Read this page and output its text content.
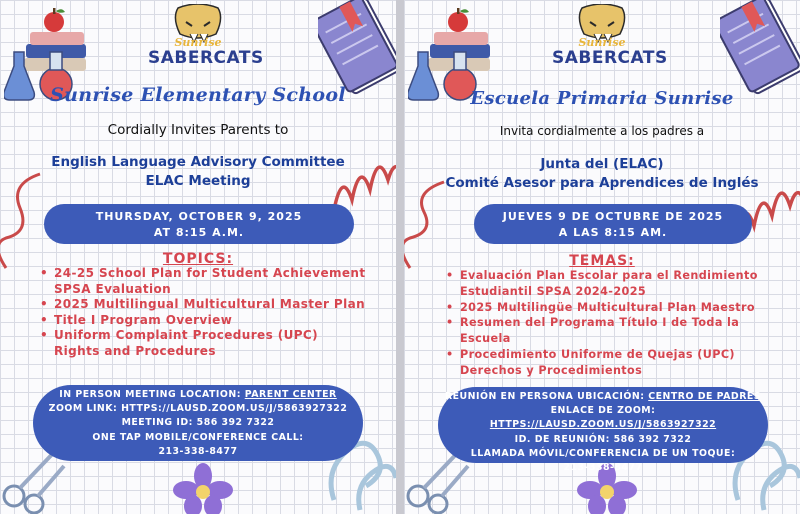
Sunrise
SABERCATS
Sunrise Elementary School
Cordially Invites Parents to
English Language Advisory Committee
ELAC Meeting
THURSDAY, OCTOBER 9, 2025
AT 8:15 A.M.
TOPICS:
• 24-25 School Plan for Student Achievement SPSA Evaluation
• 2025 Multilingual Multicultural Master Plan
• Title I Program Overview
• Uniform Complaint Procedures (UPC) Rights and Procedures
IN PERSON MEETING LOCATION: PARENT CENTER
ZOOM LINK: HTTPS://LAUSD.ZOOM.US/J/5863927322
MEETING ID: 586 392 7322
ONE TAP MOBILE/CONFERENCE CALL:
213-338-8477
Sunrise
SABERCATS
Escuela Primaria Sunrise
Invita cordialmente a los padres a
Junta del (ELAC)
Comité Asesor para Aprendices de Inglés
JUEVES 9 DE OCTUBRE DE 2025
A LAS 8:15 AM.
TEMAS:
• Evaluación Plan Escolar para el Rendimiento Estudiantil SPSA 2024-2025
• 2025 Multilingüe Multicultural Plan Maestro
• Resumen del Programa Título I de Toda la Escuela
• Procedimiento Uniforme de Quejas (UPC) Derechos y Procedimientos
REUNIÓN EN PERSONA UBICACIÓN: CENTRO DE PADRES
ENLACE DE ZOOM: HTTPS://LAUSD.ZOOM.US/J/5863927322
ID. DE REUNIÓN: 586 392 7322
LLAMADA MÓVIL/CONFERENCIA DE UN TOQUE:
213-338-8477
